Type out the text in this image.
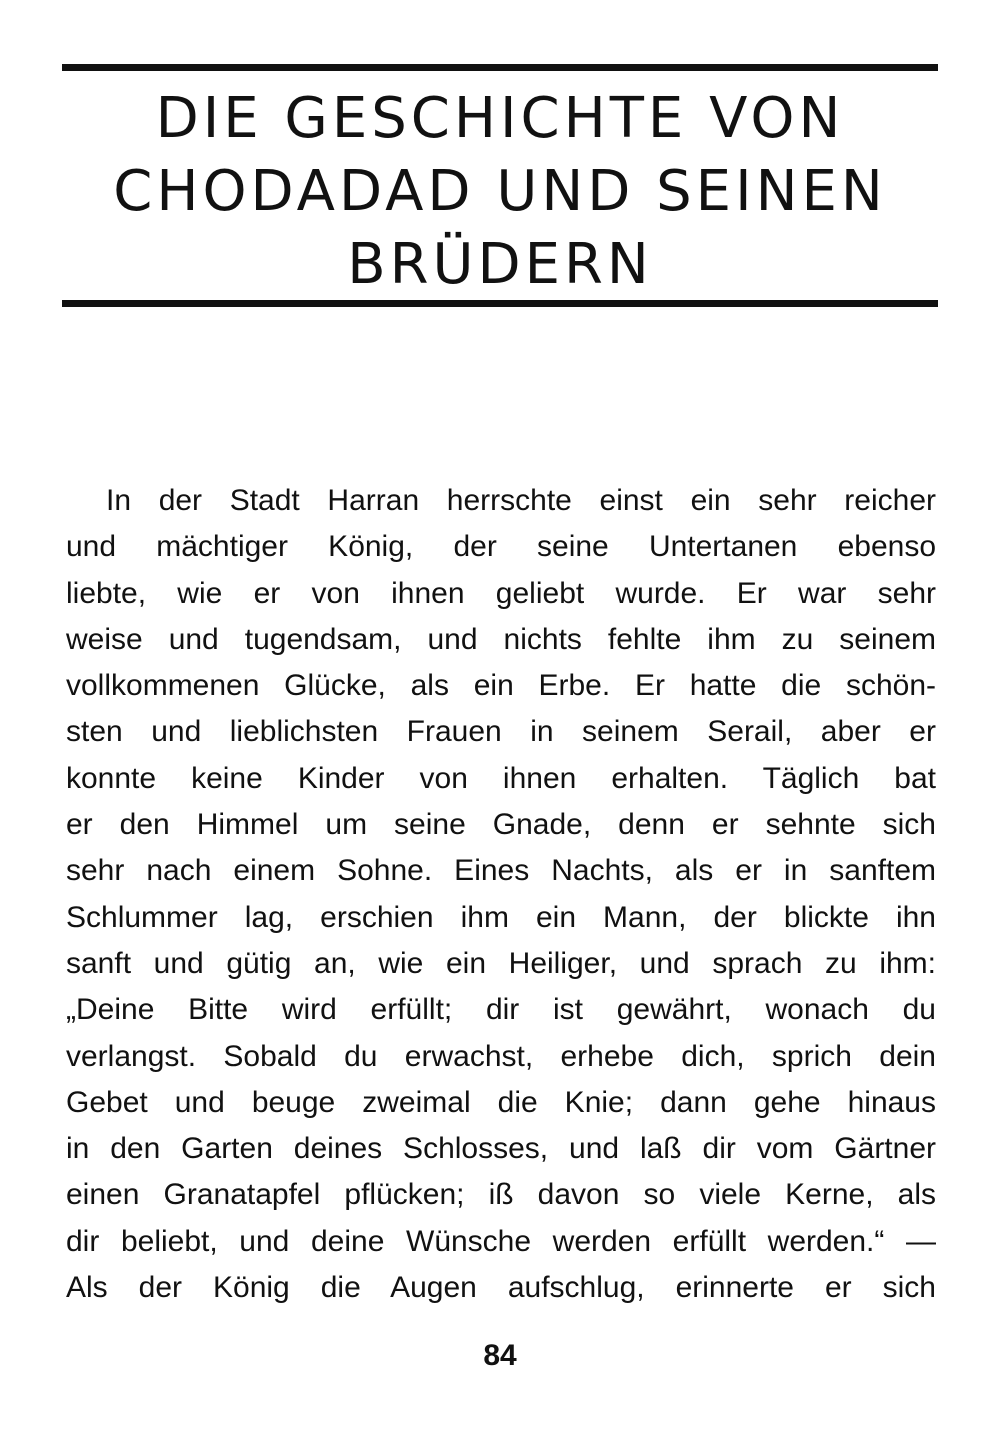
DIE GESCHICHTE VON
CHODADAD UND SEINEN
BRÜDERN
In der Stadt Harran herrschte einst ein sehr reicher
und mächtiger König, der seine Untertanen ebenso
liebte, wie er von ihnen geliebt wurde. Er war sehr
weise und tugendsam, und nichts fehlte ihm zu seinem
vollkommenen Glücke, als ein Erbe. Er hatte die schön-
sten und lieblichsten Frauen in seinem Serail, aber er
konnte keine Kinder von ihnen erhalten. Täglich bat
er den Himmel um seine Gnade, denn er sehnte sich
sehr nach einem Sohne. Eines Nachts, als er in sanftem
Schlummer lag, erschien ihm ein Mann, der blickte ihn
sanft und gütig an, wie ein Heiliger, und sprach zu ihm:
„Deine Bitte wird erfüllt; dir ist gewährt, wonach du
verlangst. Sobald du erwachst, erhebe dich, sprich dein
Gebet und beuge zweimal die Knie; dann gehe hinaus
in den Garten deines Schlosses, und laß dir vom Gärtner
einen Granatapfel pflücken; iß davon so viele Kerne, als
dir beliebt, und deine Wünsche werden erfüllt werden.“ —
Als der König die Augen aufschlug, erinnerte er sich
84
